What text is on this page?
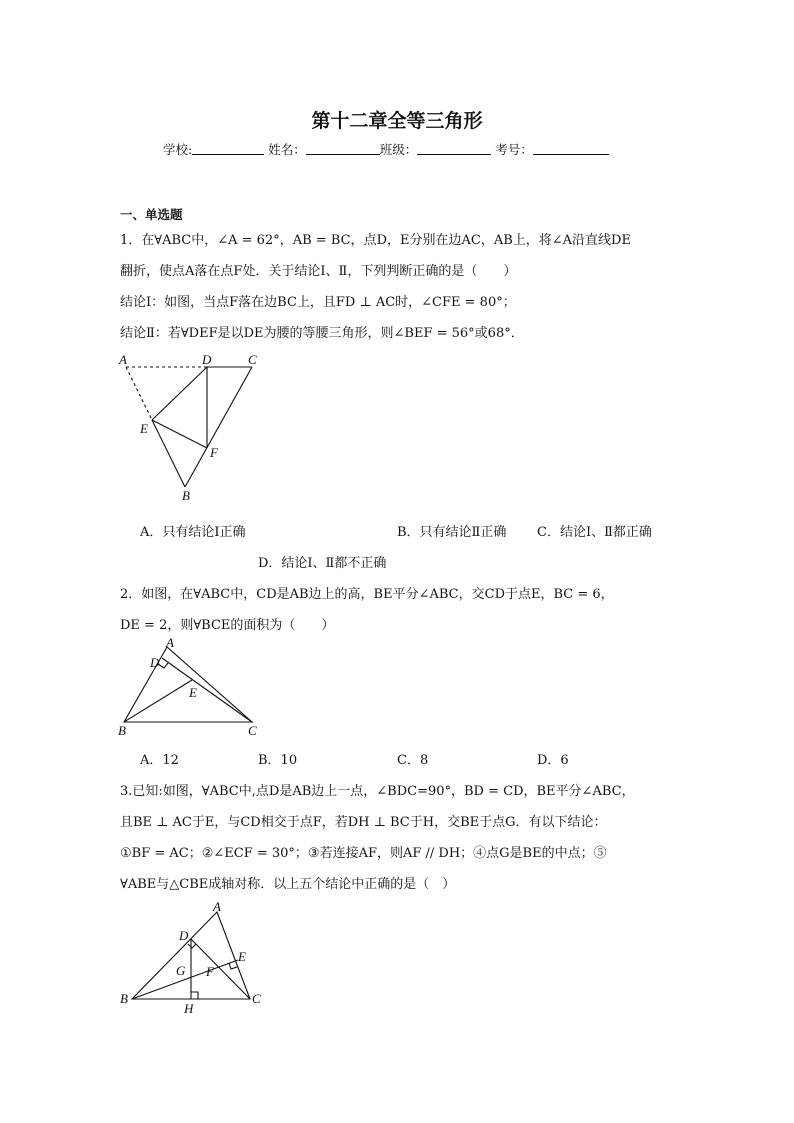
第十二章全等三角形
学校:	姓名：	班级：	考号：
一、单选题
1．在∀ABC中，∠A = 62°，AB = BC，点D，E分别在边AC，AB上，将∠A沿直线DE
翻折，使点A落在点F处．关于结论Ⅰ、Ⅱ，下列判断正确的是（　　）
结论Ⅰ：如图，当点F落在边BC上，且FD ⊥ AC时，∠CFE = 80°；
结论Ⅱ：若∀DEF是以DE为腰的等腰三角形，则∠BEF = 56°或68°．
A	D	C
E
F
B
A．只有结论Ⅰ正确	B．只有结论Ⅱ正确 C．结论Ⅰ、Ⅱ都正确
D．结论Ⅰ、Ⅱ都不正确
2．如图，在∀ABC中，CD是AB边上的高，BE平分∠ABC，交CD于点E，BC = 6，
DE = 2，则∀BCE的面积为（　　）
A
D
E
B	C
A．12	B．10	C．8	D．6
3.已知:如图，∀ABC中,点D是AB边上一点，∠BDC=90°，BD = CD，BE平分∠ABC，
且BE ⊥ AC于E，与CD相交于点F，若DH ⊥ BC于H，交BE于点G．有以下结论：
①BF = AC；②∠ECF = 30°；③若连接AF，则AF // DH；④点G是BE的中点；⑤
∀ABE与△CBE成轴对称．以上五个结论中正确的是（　）
A
D
E
G F
B
H
C
